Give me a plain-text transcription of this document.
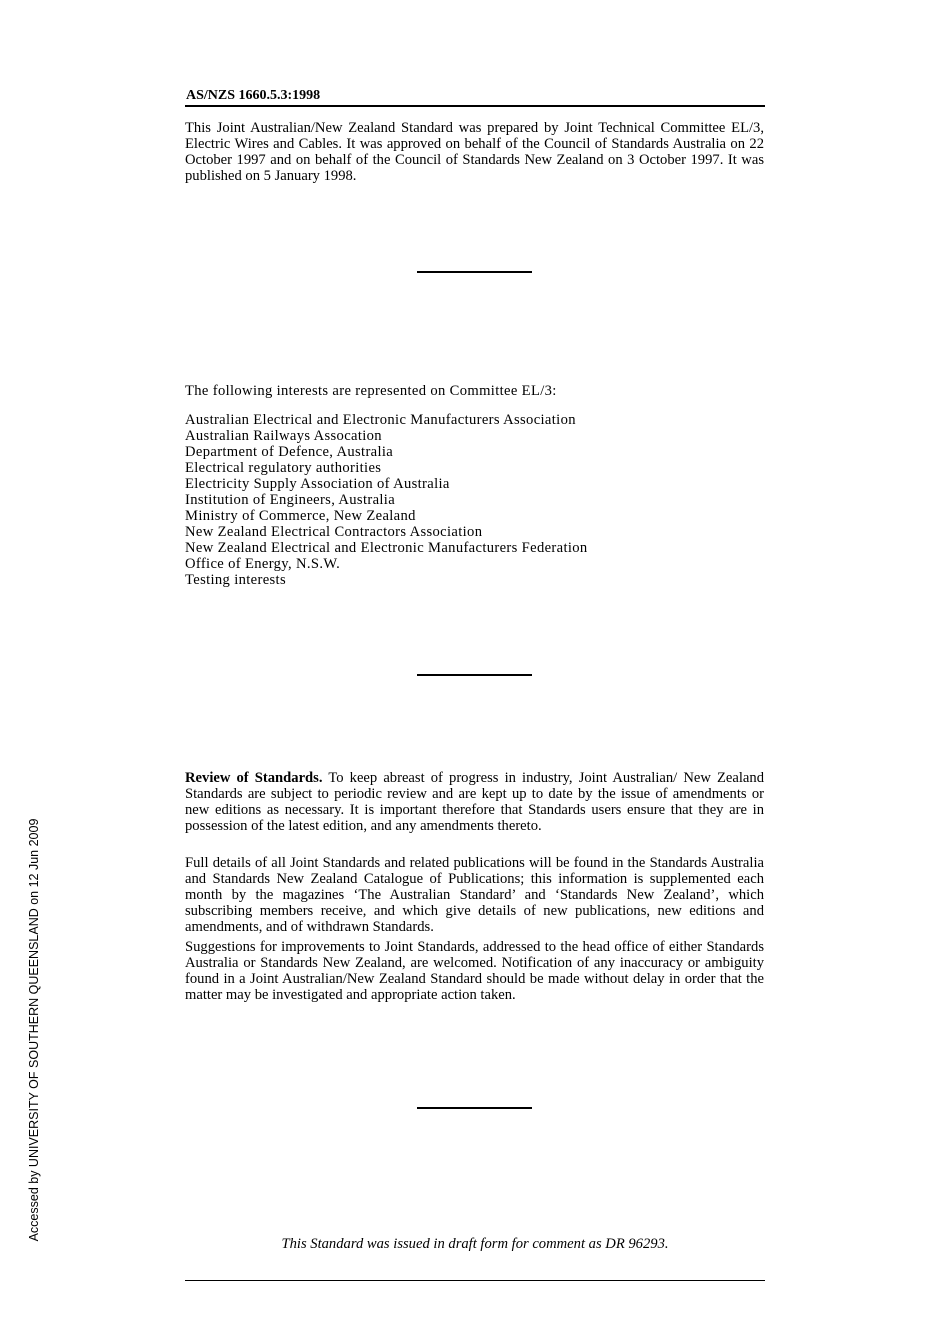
AS/NZS 1660.5.3:1998

This Joint Australian/New Zealand Standard was prepared by Joint Technical Committee EL/3, Electric Wires and Cables. It was approved on behalf of the Council of Standards Australia on 22 October 1997 and on behalf of the Council of Standards New Zealand on 3 October 1997. It was published on 5 January 1998.

The following interests are represented on Committee EL/3:
Australian Electrical and Electronic Manufacturers Association
Australian Railways Assocation
Department of Defence, Australia
Electrical regulatory authorities
Electricity Supply Association of Australia
Institution of Engineers, Australia
Ministry of Commerce, New Zealand
New Zealand Electrical Contractors Association
New Zealand Electrical and Electronic Manufacturers Federation
Office of Energy, N.S.W.
Testing interests

Review of Standards. To keep abreast of progress in industry, Joint Australian/ New Zealand Standards are subject to periodic review and are kept up to date by the issue of amendments or new editions as necessary. It is important therefore that Standards users ensure that they are in possession of the latest edition, and any amendments thereto.

Full details of all Joint Standards and related publications will be found in the Standards Australia and Standards New Zealand Catalogue of Publications; this information is supplemented each month by the magazines ‘The Australian Standard’ and ‘Standards New Zealand’, which subscribing members receive, and which give details of new publications, new editions and amendments, and of withdrawn Standards.

Suggestions for improvements to Joint Standards, addressed to the head office of either Standards Australia or Standards New Zealand, are welcomed. Notification of any inaccuracy or ambiguity found in a Joint Australian/New Zealand Standard should be made without delay in order that the matter may be investigated and appropriate action taken.

This Standard was issued in draft form for comment as DR 96293.
Accessed by UNIVERSITY OF SOUTHERN QUEENSLAND on 12 Jun 2009
